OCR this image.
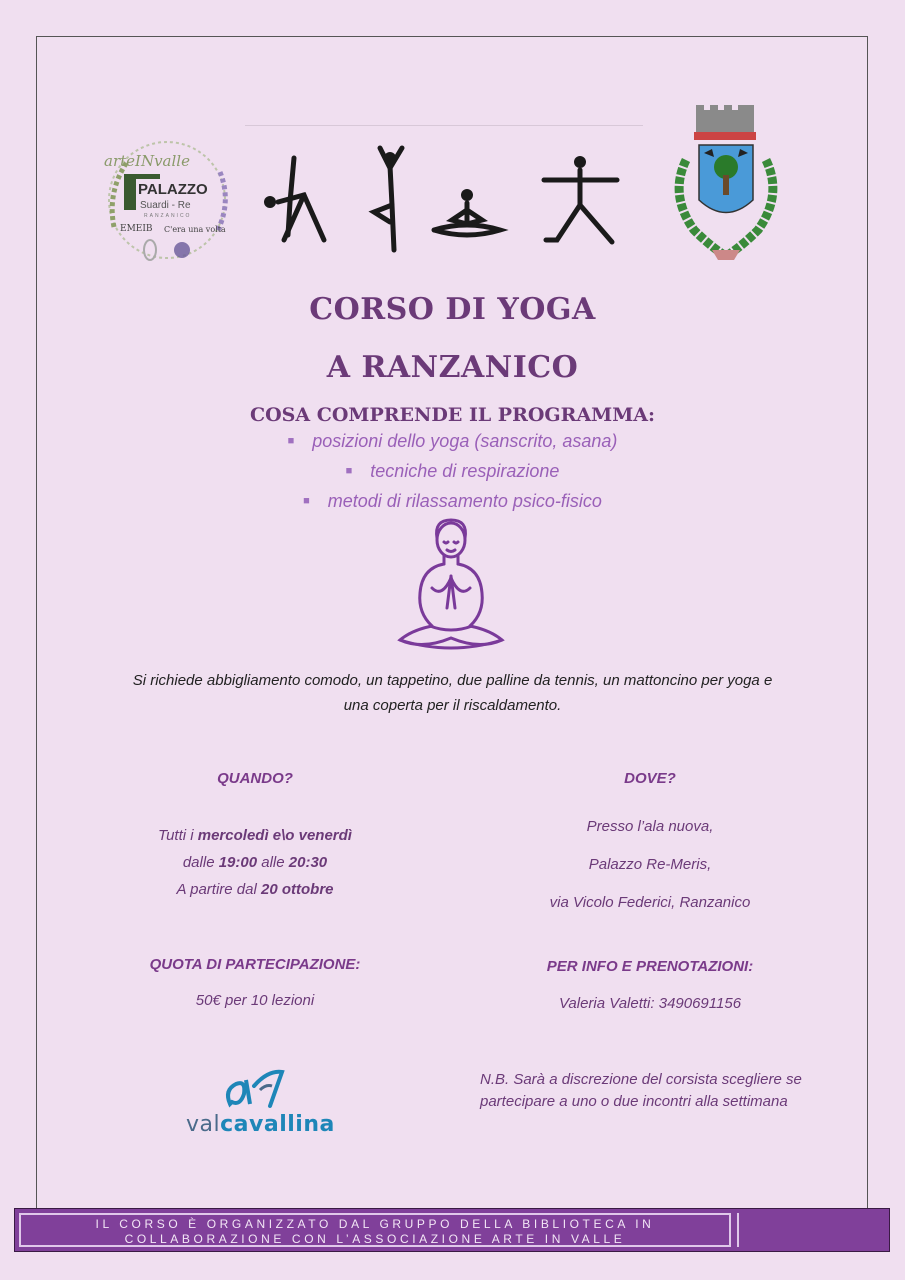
arteINvalle
PALAZZO
Suardi - Re
RANZANICO
EMEIB C'era una volta
CORSO DI YOGA
A RANZANICO
COSA COMPRENDE IL PROGRAMMA:
■ posizioni dello yoga (sanscrito, asana)
■ tecniche di respirazione
■ metodi di rilassamento psico-fisico
Si richiede abbigliamento comodo, un tappetino, due palline da tennis, un mattoncino per yoga e
una coperta per il riscaldamento.
QUANDO?
Tutti i mercoledì e\o venerdì
dalle 19:00 alle 20:30
A partire dal 20 ottobre
DOVE?
Presso l’ala nuova,
Palazzo Re-Meris,
via Vicolo Federici, Ranzanico
QUOTA DI PARTECIPAZIONE:
50€ per 10 lezioni
PER INFO E PRENOTAZIONI:
Valeria Valetti: 3490691156
valcavallina
N.B. Sarà a discrezione del corsista scegliere se partecipare a uno o due incontri alla settimana
IL CORSO È ORGANIZZATO DAL GRUPPO DELLA BIBLIOTECA IN
COLLABORAZIONE CON L’ASSOCIAZIONE ARTE IN VALLE
